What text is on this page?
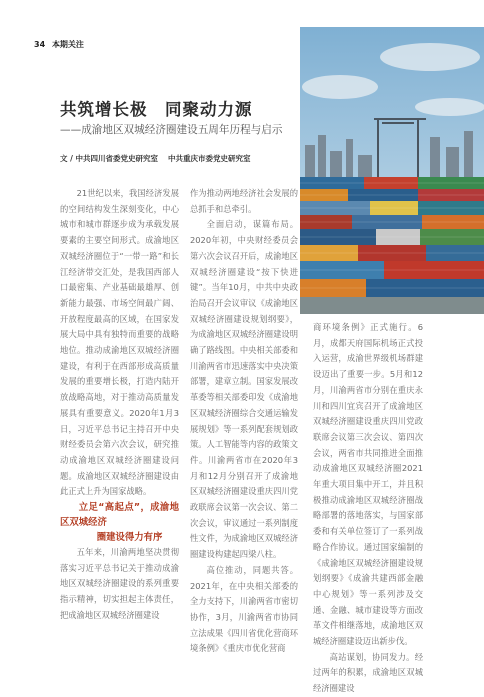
34 本期关注
共筑增长极　同聚动力源
——成渝地区双城经济圈建设五周年历程与启示
文 / 中共四川省委党史研究室 中共重庆市委党史研究室

21世纪以来，我国经济发展的空间结构发生深刻变化，中心城市和城市群逐步成为承载发展要素的主要空间形式。成渝地区双城经济圈位于“一带一路”和长江经济带交汇处，是我国西部人口最密集、产业基础最雄厚、创新能力最强、市场空间最广阔、开放程度最高的区域，在国家发展大局中具有独特而重要的战略地位。推动成渝地区双城经济圈建设，有利于在西部形成高质量发展的重要增长极，打造内陆开放战略高地，对于推动高质量发展具有重要意义。2020年1月3日，习近平总书记主持召开中央财经委员会第六次会议，研究推动成渝地区双城经济圈建设问题。成渝地区双城经济圈建设由此正式上升为国家战略。

立足“高起点”，成渝地区双城经济
圈建设得力有序

五年来，川渝两地坚决贯彻落实习近平总书记关于推动成渝地区双城经济圈建设的系列重要指示精神，切实担起主体责任，把成渝地区双城经济圈建设

作为推动两地经济社会发展的总抓手和总牵引。

全面启动，谋篇布局。2020年初，中央财经委员会第六次会议召开后，成渝地区双城经济圈建设“按下快进键”。当年10月，中共中央政治局召开会议审议《成渝地区双城经济圈建设规划纲要》，为成渝地区双城经济圈建设明确了路线图。中央相关部委和川渝两省市迅速落实中央决策部署，建章立制。国家发展改革委等相关部委印发《成渝地区双城经济圈综合交通运输发展规划》等一系列配套规划政策。人工智能等内容的政策文件。川渝两省市在2020年3月和12月分别召开了成渝地区双城经济圈建设重庆四川党政联席会议第一次会议、第二次会议，审议通过一系列制度性文件，为成渝地区双城经济圈建设构建起四梁八柱。

高位推动，同题共答。2021年，在中央相关部委的全力支持下，川渝两省市密切协作，3月，川渝两省市协同立法成果《四川省优化营商环境条例》《重庆市优化营商

商环境条例》正式施行。6月，成都天府国际机场正式投入运营，成渝世界级机场群建设迈出了重要一步。5月和12月，川渝两省市分别在重庆永川和四川宜宾召开了成渝地区双城经济圈建设重庆四川党政联席会议第三次会议、第四次会议，两省市共同推进全面推动成渝地区双城经济圈2021年重大项目集中开工，并且积极推动成渝地区双城经济圈战略部署的落地落实，与国家部委和有关单位签订了一系列战略合作协议。通过国家编制的《成渝地区双城经济圈建设规划纲要》《成渝共建西部金融中心规划》等一系列涉及交通、金融、城市建设等方面改革文件相继落地，成渝地区双城经济圈建设迈出新步伐。

高站谋划，协同发力。经过两年的积累，成渝地区双城经济圈建设
